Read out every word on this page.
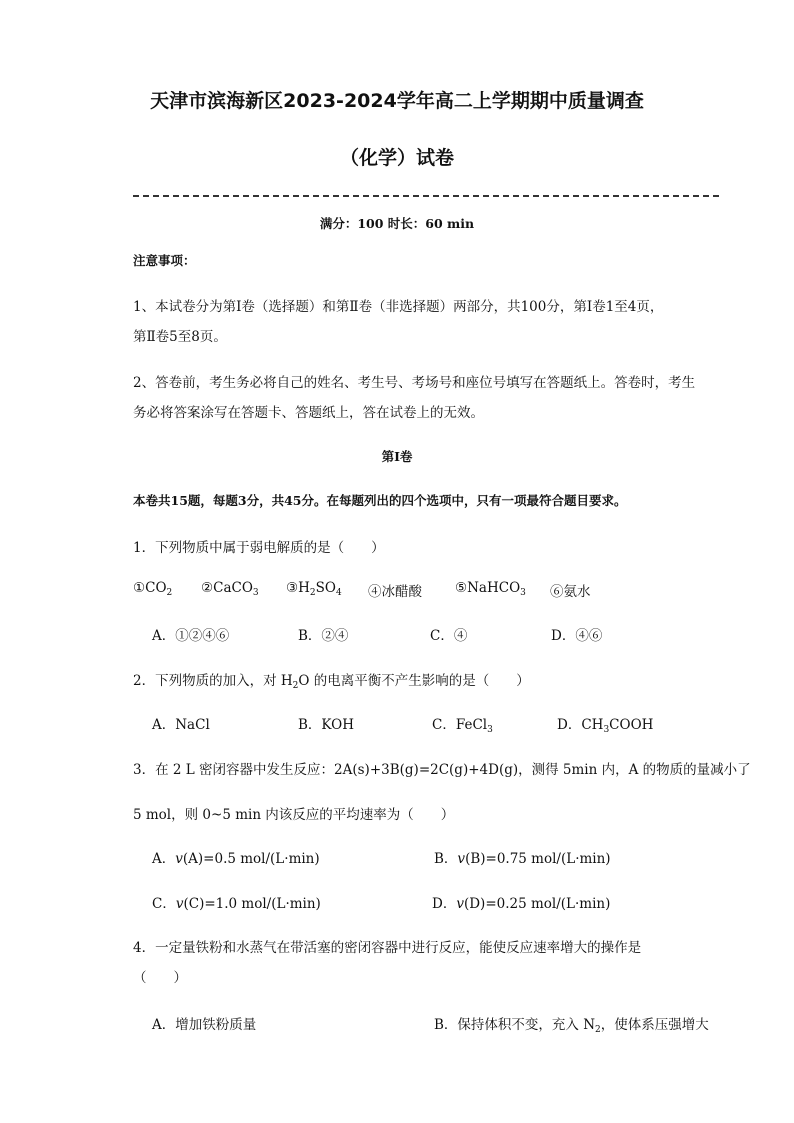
天津市滨海新区2023-2024学年高二上学期期中质量调查
（化学）试卷
满分：100 时长：60 min
注意事项：
1、本试卷分为第Ⅰ卷（选择题）和第Ⅱ卷（非选择题）两部分，共100分，第Ⅰ卷1至4页，
第Ⅱ卷5至8页。
2、答卷前，考生务必将自己的姓名、考生号、考场号和座位号填写在答题纸上。答卷时，考生
务必将答案涂写在答题卡、答题纸上，答在试卷上的无效。
第Ⅰ卷
本卷共15题，每题3分，共45分。在每题列出的四个选项中，只有一项最符合题目要求。
1．下列物质中属于弱电解质的是（　　）
$①CO_2$ ②CaCO$_3$ $③H_2SO_4$ ④冰醋酸 ⑤NaHCO$_3$ ⑥氨水
A．①②④⑥	B．②④	C．④	D．④⑥
2．下列物质的加入，对 $H_2O$ 的电离平衡不产生影响的是（　　）
A．NaCl	B．KOH	C．FeCl$_3$	D．$CH_3COOH$
3．在 2 L 密闭容器中发生反应：2A(s)+3B(g)=2C(g)+4D(g)，测得 5min 内，A 的物质的量减小了
5 mol，则 0~5 min 内该反应的平均速率为（　　）
A．v(A)=0.5 mol/(L·min)	B．v(B)=0.75 mol/(L·min)
C．v(C)=1.0 mol/(L·min)	D．v(D)=0.25 mol/(L·min)
4．一定量铁粉和水蒸气在带活塞的密闭容器中进行反应，能使反应速率增大的操作是
（　　）
A．增加铁粉质量	B．保持体积不变，充入 $N_2$，使体系压强增大
